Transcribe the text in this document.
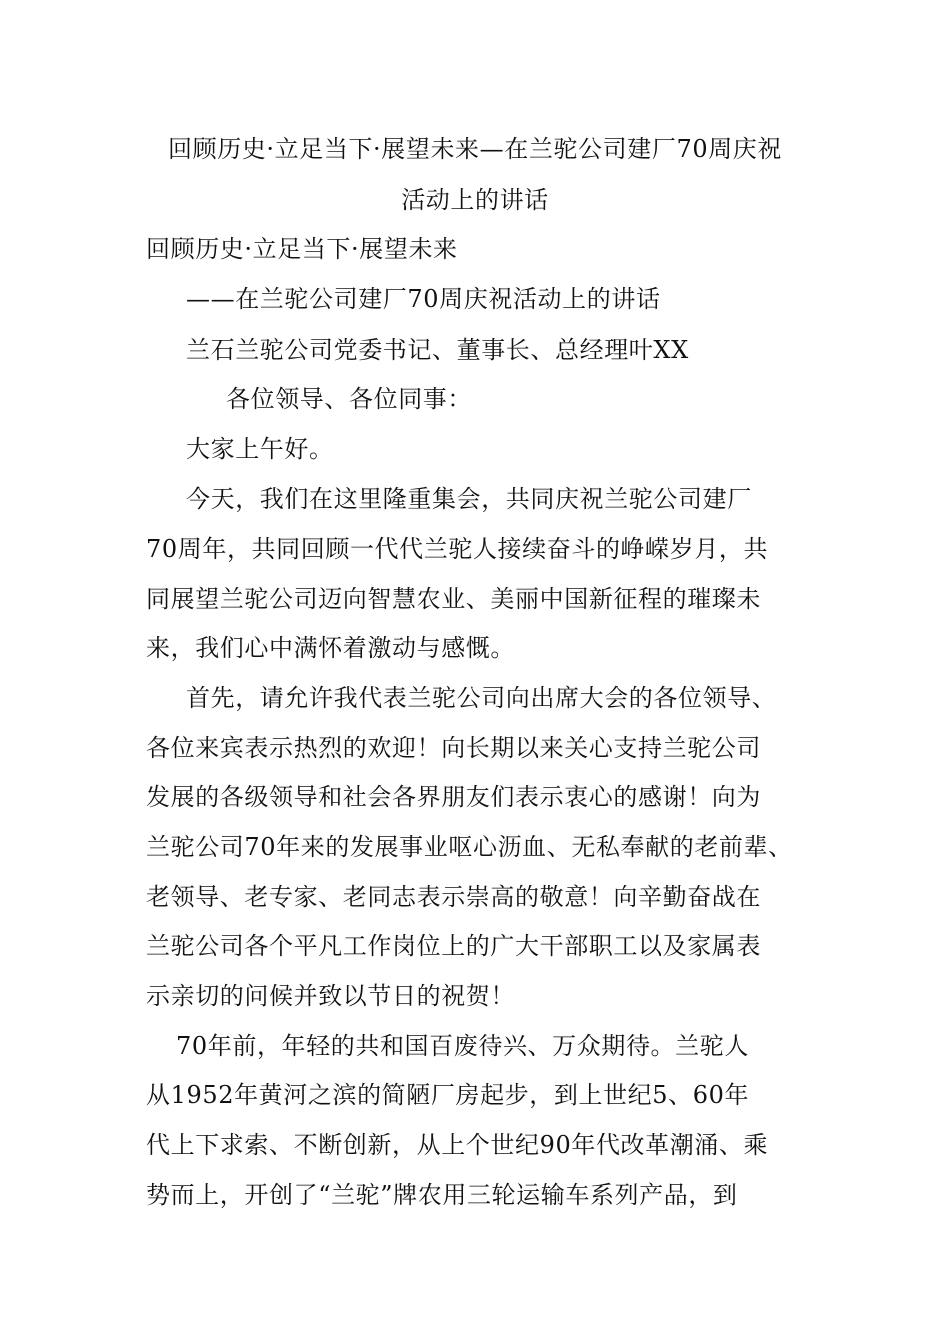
回顾历史·立足当下·展望未来—在兰驼公司建厂70周庆祝
活动上的讲话
回顾历史·立足当下·展望未来
——在兰驼公司建厂70周庆祝活动上的讲话
兰石兰驼公司党委书记、董事长、总经理叶XX
各位领导、各位同事：
大家上午好。
今天，我们在这里隆重集会，共同庆祝兰驼公司建厂
70周年，共同回顾一代代兰驼人接续奋斗的峥嵘岁月，共
同展望兰驼公司迈向智慧农业、美丽中国新征程的璀璨未
来，我们心中满怀着激动与感慨。
首先，请允许我代表兰驼公司向出席大会的各位领导、
各位来宾表示热烈的欢迎！向长期以来关心支持兰驼公司
发展的各级领导和社会各界朋友们表示衷心的感谢！向为
兰驼公司70年来的发展事业呕心沥血、无私奉献的老前辈、
老领导、老专家、老同志表示崇高的敬意！向辛勤奋战在
兰驼公司各个平凡工作岗位上的广大干部职工以及家属表
示亲切的问候并致以节日的祝贺！
70年前，年轻的共和国百废待兴、万众期待。兰驼人
从1952年黄河之滨的简陋厂房起步，到上世纪5、60年
代上下求索、不断创新，从上个世纪90年代改革潮涌、乘
势而上，开创了“兰驼”牌农用三轮运输车系列产品，到
